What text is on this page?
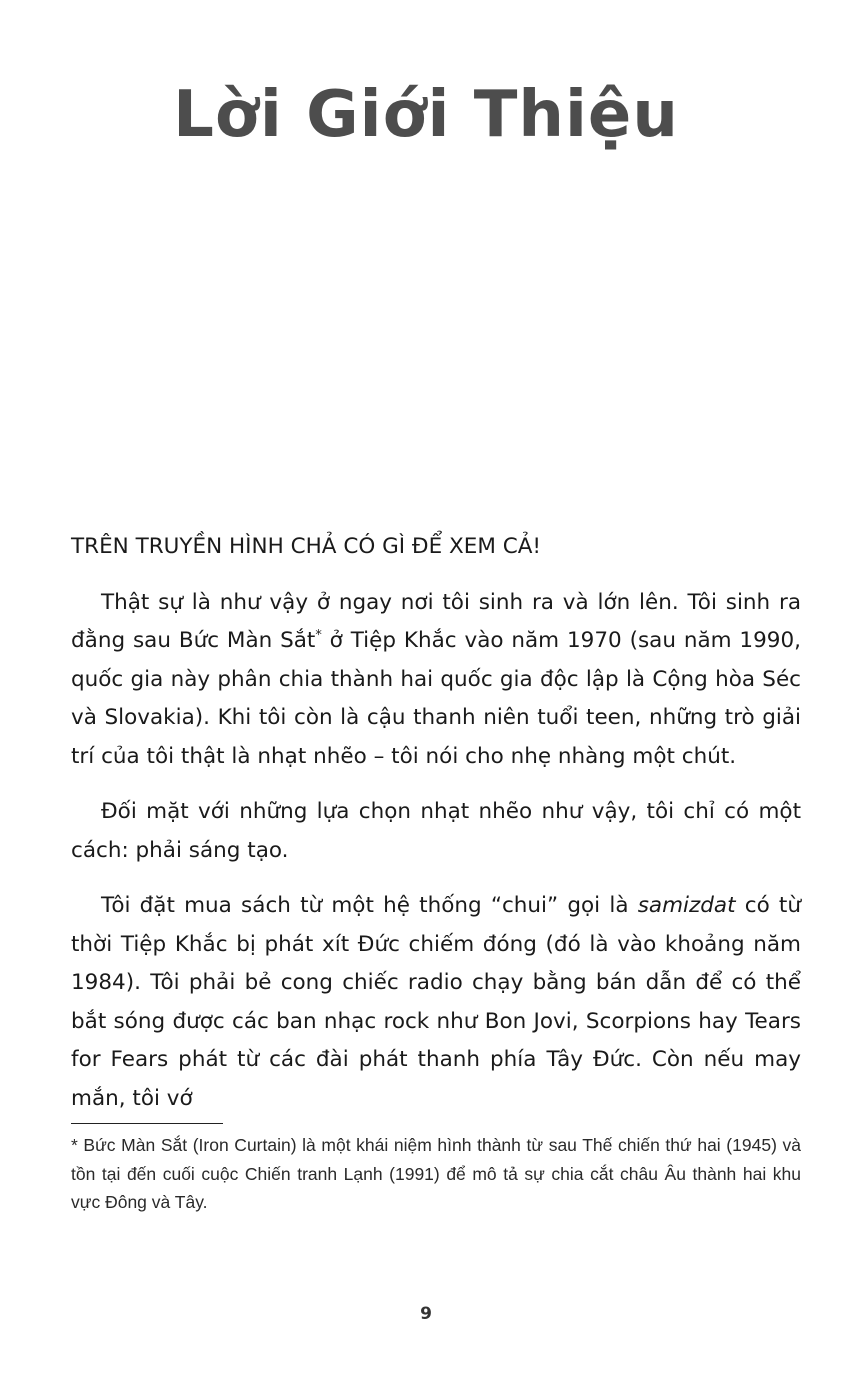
Lời Giới Thiệu

TRÊN TRUYỀN HÌNH CHẢ CÓ GÌ ĐỂ XEM CẢ!

Thật sự là như vậy ở ngay nơi tôi sinh ra và lớn lên. Tôi sinh ra đằng sau Bức Màn Sắt* ở Tiệp Khắc vào năm 1970 (sau năm 1990, quốc gia này phân chia thành hai quốc gia độc lập là Cộng hòa Séc và Slovakia). Khi tôi còn là cậu thanh niên tuổi teen, những trò giải trí của tôi thật là nhạt nhẽo – tôi nói cho nhẹ nhàng một chút.

Đối mặt với những lựa chọn nhạt nhẽo như vậy, tôi chỉ có một cách: phải sáng tạo.

Tôi đặt mua sách từ một hệ thống “chui” gọi là samizdat có từ thời Tiệp Khắc bị phát xít Đức chiếm đóng (đó là vào khoảng năm 1984). Tôi phải bẻ cong chiếc radio chạy bằng bán dẫn để có thể bắt sóng được các ban nhạc rock như Bon Jovi, Scorpions hay Tears for Fears phát từ các đài phát thanh phía Tây Đức. Còn nếu may mắn, tôi vớ

* Bức Màn Sắt (Iron Curtain) là một khái niệm hình thành từ sau Thế chiến thứ hai (1945) và tồn tại đến cuối cuộc Chiến tranh Lạnh (1991) để mô tả sự chia cắt châu Âu thành hai khu vực Đông và Tây.

9
